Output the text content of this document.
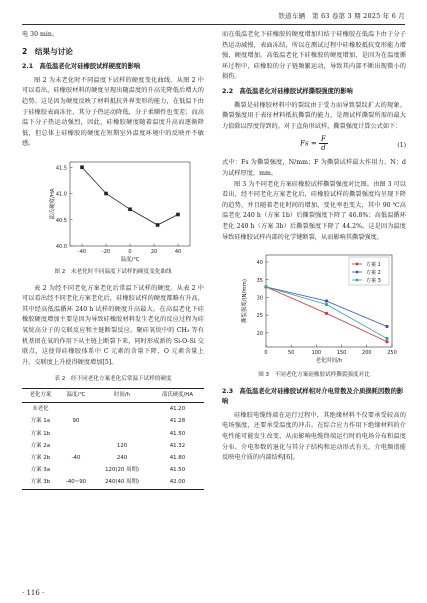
铁道车辆　第 63 卷第 3 期 2025 年 6 月

电 30 min。

2　结果与讨论
2.1　高低温老化对硅橡胶试样硬度的影响

图 2 为未老化时不同温度下试样的硬度变化曲线。从图 2 中可以看出，硅橡胶材料的硬度呈现出随温度的升高先降低后增大的趋势。这是因为硬度反映了材料抵抗外界变形的能力，在低温下由于硅橡胶表面冻住，其分子热运动降低，分子柔顺性也变差；而高温下分子热运动强烈，因此，硅橡胶硬度随着温度升高而逐渐降低，但总体上硅橡胶的硬度在短期室外温度环境中的反映并不敏感。

41.5
41.0
40.5
40.0
-40	-20	0	20	40
温度/℃
邵氏硬度/HA
图 2　未老化时不同温度下试样的硬度变化曲线

表 2 为经不同老化方案老化后常温下试样的硬度。从表 2 中可以看出经不同老化方案老化后，硅橡胶试样的硬度都略有升高，其中经高低温循环 240 h 试样的硬度升高最大。在高温老化下硅橡胶硬度增加主要是因为导致硅橡胶材料发生老化的反应过程为硅氧烷高分子的交联反应和主链断裂反应。聚硅氧烷中的 CH₃ 等有机基团在氧的作用下从主链上断裂下来，同时形成新的 Si-O-Si 交联点，这使得硅橡胶体系中 C 元素的含量下降，O 元素含量上升，交联度上升使得硬度增加[5]。

表 2　经不同老化方案老化后常温下试样的硬度
老化方案	温度/℃	时间/h	邵氏硬度/HA
未老化			41.20
方案 1a	90		41.28
方案 1b			41.50
方案 2a		120	41.32
方案 2b	-40	240	41.80
方案 3a		120(20 周期)	41.50
方案 3b	-40~90	240(40 周期)	42.00

而在低温老化下硅橡胶的硬度增加归结于硅橡胶在低温下由于分子热运动减慢，表面冻结，所以在测试过程中硅橡胶抵抗变形能力增强，硬度增加。高低温老化下硅橡胶的硬度增加，是因为在温度循环过程中，硅橡胶的分子链频繁运动，导致其内部不断出现微小的损伤。

2.2　高低温老化对硅橡胶试样撕裂强度的影响

撕裂是硅橡胶材料中的裂纹由于受力而导致裂纹扩大的现象。撕裂强度用于表征材料抵抗撕裂的能力，是测试样撕裂所需的最大力值除以厚度得到的。对于直角形试样，撕裂强度计算公式如下：

$Fs = \frac{F}{d}$	(1)

式中：Fs 为撕裂强度，N/mm；F 为撕裂试样最大作用力，N；d 为试样厚度，mm。

图 3 为不同老化方案硅橡胶试样撕裂强度对比图。由图 3 可以看出，经不同老化方案老化后，硅橡胶试样的撕裂强度均呈现下降的趋势，并且随着老化时间的增加，变化率也变大，其中 90 ℃高温老化 240 h（方案 1b）后撕裂强度下降了 46.8%；高低温循环老化 240 h（方案 3b）后撕裂强度下降了 44.2%。这是因为温度导致硅橡胶试样内部的化学键断裂，从而影响其撕裂强度。

20
25
30
35
40
0	50	100	150	200	250
方案 1
方案 2
方案 3
老化时间/h
撕裂强度/(N/mm)
图 3　不同老化方案硅橡胶试样撕裂强度对比
2.3　高低温老化对硅橡胶试样相对介电常数及介质损耗因数的影响

硅橡胶电缆终端在运行过程中，其绝缘材料不仅要承受较高的电场强度，还要承受温度的冲击。在综合应力作用下绝缘材料的介电性能可能发生改变，从而影响电缆终端运行时的电场分布和温度分布。介电参数的退化与其分子结构和运动形式有关，介电频谱能反映电介质的内部结构[6]。

· 116 ·
